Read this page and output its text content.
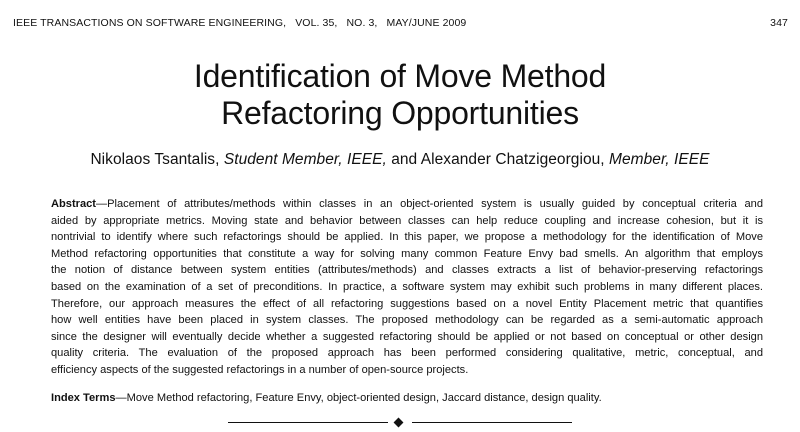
IEEE TRANSACTIONS ON SOFTWARE ENGINEERING,   VOL. 35,   NO. 3,   MAY/JUNE 2009	347
Identification of Move Method
Refactoring Opportunities
Nikolaos Tsantalis, Student Member, IEEE, and Alexander Chatzigeorgiou, Member, IEEE
Abstract—Placement of attributes/methods within classes in an object-oriented system is usually guided by conceptual criteria and
aided by appropriate metrics. Moving state and behavior between classes can help reduce coupling and increase cohesion, but it is
nontrivial to identify where such refactorings should be applied. In this paper, we propose a methodology for the identification of Move
Method refactoring opportunities that constitute a way for solving many common Feature Envy bad smells. An algorithm that employs
the notion of distance between system entities (attributes/methods) and classes extracts a list of behavior-preserving refactorings
based on the examination of a set of preconditions. In practice, a software system may exhibit such problems in many different places.
Therefore, our approach measures the effect of all refactoring suggestions based on a novel Entity Placement metric that quantifies
how well entities have been placed in system classes. The proposed methodology can be regarded as a semi-automatic approach
since the designer will eventually decide whether a suggested refactoring should be applied or not based on conceptual or other design
quality criteria. The evaluation of the proposed approach has been performed considering qualitative, metric, conceptual, and
efficiency aspects of the suggested refactorings in a number of open-source projects.
Index Terms—Move Method refactoring, Feature Envy, object-oriented design, Jaccard distance, design quality.
